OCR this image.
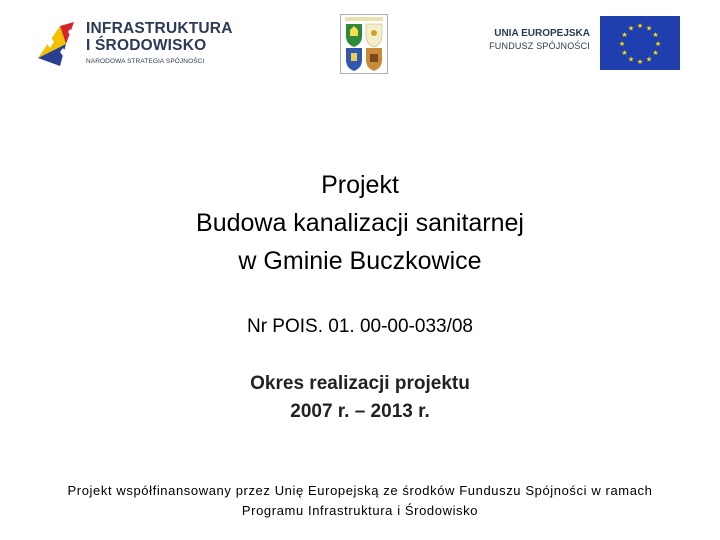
INFRASTRUKTURA
I ŚRODOWISKO
NARODOWA STRATEGIA SPÓJNOŚCI
UNIA EUROPEJSKA
FUNDUSZ SPÓJNOŚCI
★ ★
★
★
★
★
★
★
★
★
★
★
Projekt
Budowa kanalizacji sanitarnej
w Gminie Buczkowice
Nr POIS. 01. 00-00-033/08
Okres realizacji projektu
2007 r. – 2013 r.
Projekt współfinansowany przez Unię Europejską ze środków Funduszu Spójności w ramach
Programu Infrastruktura i Środowisko
